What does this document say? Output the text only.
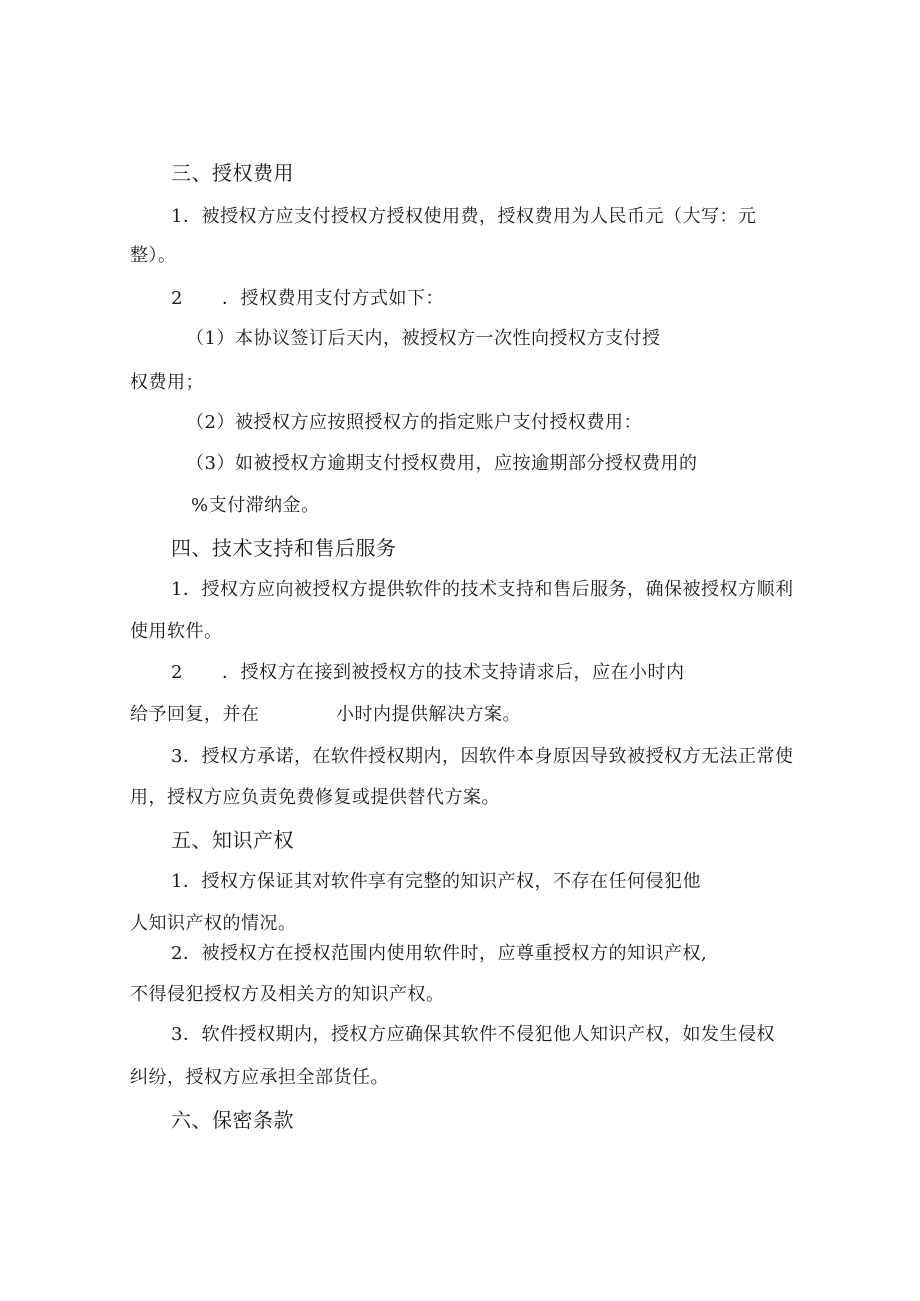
三、授权费用
1．被授权方应支付授权方授权使用费，授权费用为人民币元（大写：元
整）。
2 ．授权费用支付方式如下：
（1）本协议签订后天内，被授权方一次性向授权方支付授
权费用；
（2）被授权方应按照授权方的指定账户支付授权费用：
（3）如被授权方逾期支付授权费用，应按逾期部分授权费用的
%支付滞纳金。
四、技术支持和售后服务
1．授权方应向被授权方提供软件的技术支持和售后服务，确保被授权方顺利
使用软件。
2 ．授权方在接到被授权方的技术支持请求后，应在小时内
给予回复，并在	小时内提供解决方案。
3．授权方承诺，在软件授权期内，因软件本身原因导致被授权方无法正常使
用，授权方应负责免费修复或提供替代方案。
五、知识产权
1．授权方保证其对软件享有完整的知识产权，不存在任何侵犯他
人知识产权的情况。
2．被授权方在授权范围内使用软件时，应尊重授权方的知识产权,
不得侵犯授权方及相关方的知识产权。
3．软件授权期内，授权方应确保其软件不侵犯他人知识产权，如发生侵权
纠纷，授权方应承担全部货任。
六、保密条款
